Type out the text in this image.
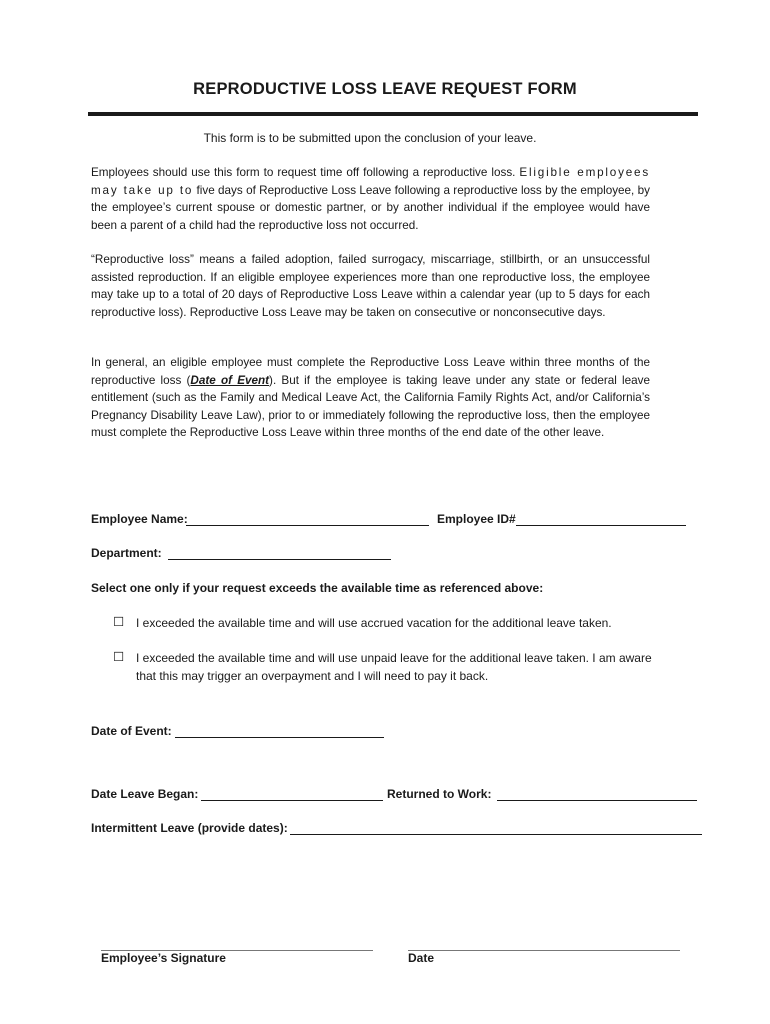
REPRODUCTIVE LOSS LEAVE REQUEST FORM
This form is to be submitted upon the conclusion of your leave.

Employees should use this form to request time off following a reproductive loss. Eligible employees may take up to five days of Reproductive Loss Leave following a reproductive loss by the employee, by the employee’s current spouse or domestic partner, or by another individual if the employee would have been a parent of a child had the reproductive loss not occurred.

“Reproductive loss” means a failed adoption, failed surrogacy, miscarriage, stillbirth, or an unsuccessful assisted reproduction. If an eligible employee experiences more than one reproductive loss, the employee may take up to a total of 20 days of Reproductive Loss Leave within a calendar year (up to 5 days for each reproductive loss). Reproductive Loss Leave may be taken on consecutive or nonconsecutive days.

In general, an eligible employee must complete the Reproductive Loss Leave within three months of the reproductive loss (Date of Event). But if the employee is taking leave under any state or federal leave entitlement (such as the Family and Medical Leave Act, the California Family Rights Act, and/or California’s Pregnancy Disability Leave Law), prior to or immediately following the reproductive loss, then the employee must complete the Reproductive Loss Leave within three months of the end date of the other leave.

Employee Name:	Employee ID#
Department:
Select one only if your request exceeds the available time as referenced above:
☐ I exceeded the available time and will use accrued vacation for the additional leave taken.
☐ I exceeded the available time and will use unpaid leave for the additional leave taken. I am aware that this may trigger an overpayment and I will need to pay it back.
Date of Event:
Date Leave Began:	Returned to Work:
Intermittent Leave (provide dates):
Employee’s Signature	Date
